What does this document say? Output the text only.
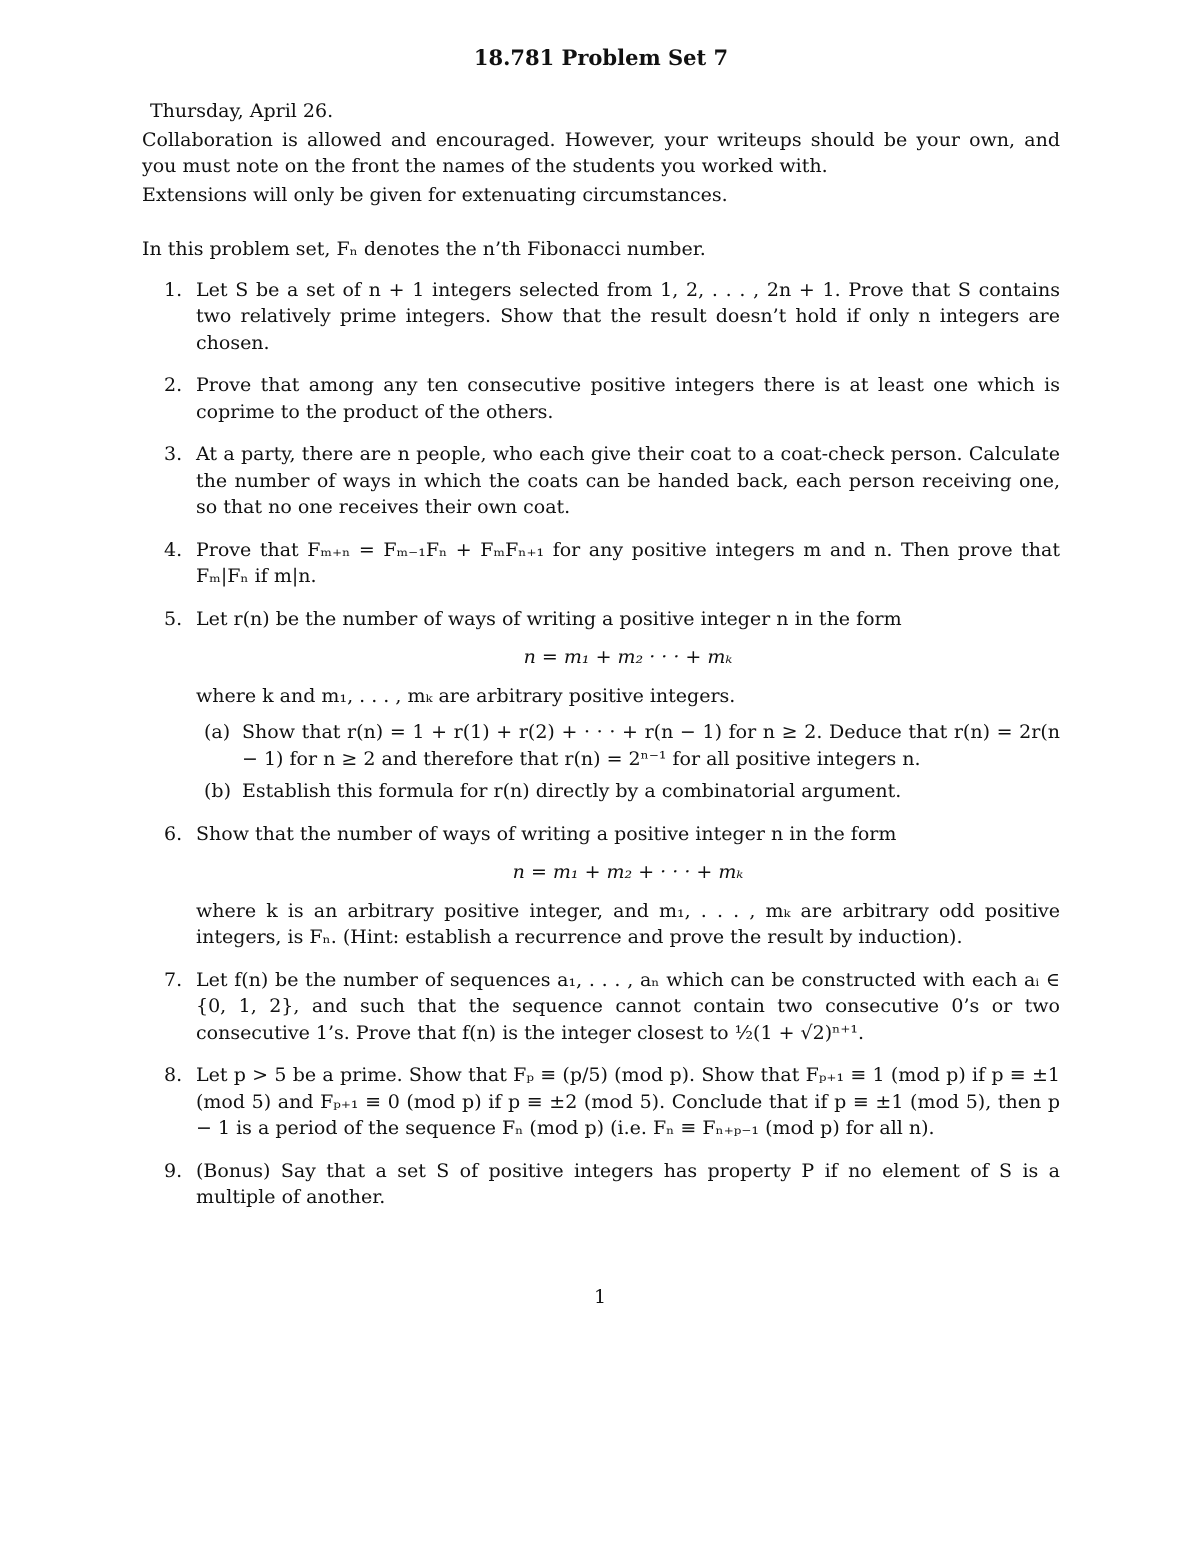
18.781 Problem Set 7
Thursday, April 26.

Collaboration is allowed and encouraged. However, your writeups should be your own, and you must note on the front the names of the students you worked with.

Extensions will only be given for extenuating circumstances.

In this problem set, Fₙ denotes the n’th Fibonacci number.

1. Let S be a set of n + 1 integers selected from 1, 2, . . . , 2n + 1. Prove that S contains two relatively prime integers. Show that the result doesn’t hold if only n integers are chosen.
2. Prove that among any ten consecutive positive integers there is at least one which is coprime to the product of the others.
3. At a party, there are n people, who each give their coat to a coat-check person. Calculate the number of ways in which the coats can be handed back, each person receiving one, so that no one receives their own coat.
4. Prove that Fₘ₊ₙ = Fₘ₋₁Fₙ + FₘFₙ₊₁ for any positive integers m and n. Then prove that Fₘ|Fₙ if m|n.
5. Let r(n) be the number of ways of writing a positive integer n in the form
n = m₁ + m₂ · · · + mₖ
where k and m₁, . . . , mₖ are arbitrary positive integers.
(a) Show that r(n) = 1 + r(1) + r(2) + · · · + r(n − 1) for n ≥ 2. Deduce that r(n) = 2r(n − 1) for n ≥ 2 and therefore that r(n) = 2ⁿ⁻¹ for all positive integers n.
(b) Establish this formula for r(n) directly by a combinatorial argument.
6. Show that the number of ways of writing a positive integer n in the form
n = m₁ + m₂ + · · · + mₖ
where k is an arbitrary positive integer, and m₁, . . . , mₖ are arbitrary odd positive integers, is Fₙ. (Hint: establish a recurrence and prove the result by induction).
7. Let f(n) be the number of sequences a₁, . . . , aₙ which can be constructed with each aᵢ ∈ {0, 1, 2}, and such that the sequence cannot contain two consecutive 0’s or two consecutive 1’s. Prove that f(n) is the integer closest to ½(1 + √2)ⁿ⁺¹.
8. Let p > 5 be a prime. Show that Fₚ ≡ (p/5) (mod p). Show that Fₚ₊₁ ≡ 1 (mod p) if p ≡ ±1 (mod 5) and Fₚ₊₁ ≡ 0 (mod p) if p ≡ ±2 (mod 5). Conclude that if p ≡ ±1 (mod 5), then p − 1 is a period of the sequence Fₙ (mod p) (i.e. Fₙ ≡ Fₙ₊ₚ₋₁ (mod p) for all n).
9. (Bonus) Say that a set S of positive integers has property P if no element of S is a multiple of another.
1
